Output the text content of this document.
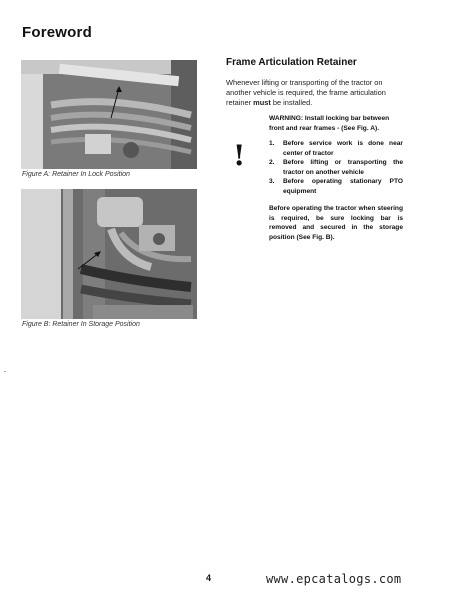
Foreword
Figure A: Retainer In Lock Position
Figure B: Retainer In Storage Position
Frame Articulation Retainer
Whenever lifting or transporting of the tractor on another vehicle is required, the frame articulation retainer must be installed.
!
WARNING: Install locking bar between front and rear frames - (See Fig. A).
1. Before service work is done near center of tractor
2. Before lifting or transporting the tractor on another vehicle
3. Before operating stationary PTO equipment
Before operating the tractor when steering is required, be sure locking bar is removed and secured in the storage position (See Fig. B).
4	www.epcatalogs.com
